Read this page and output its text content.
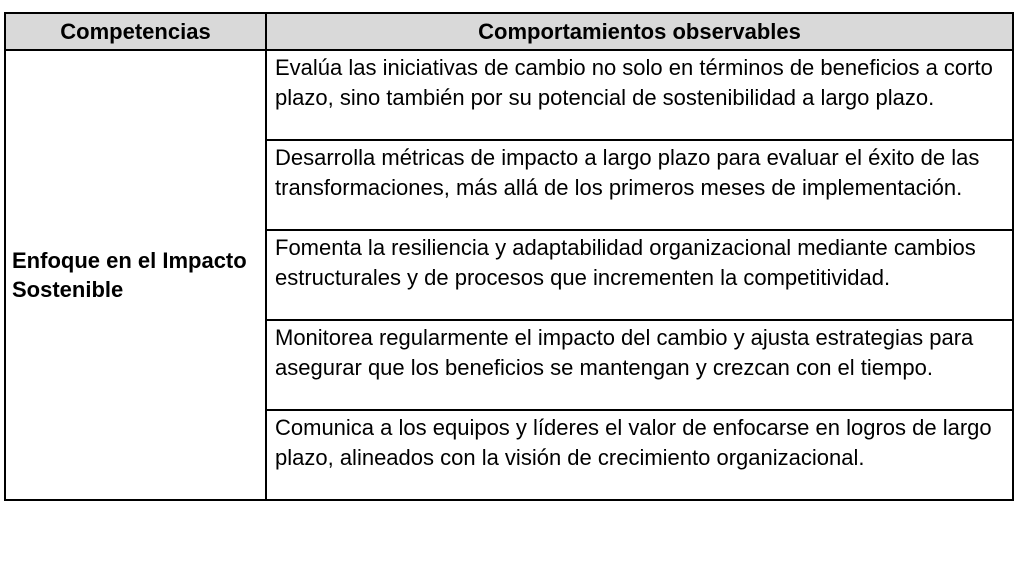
Competencias	Comportamientos observables
Enfoque en el Impacto Sostenible	Evalúa las iniciativas de cambio no solo en términos de beneficios a corto plazo, sino también por su potencial de sostenibilidad a largo plazo.
	Desarrolla métricas de impacto a largo plazo para evaluar el éxito de las transformaciones, más allá de los primeros meses de implementación.
	Fomenta la resiliencia y adaptabilidad organizacional mediante cambios estructurales y de procesos que incrementen la competitividad.
	Monitorea regularmente el impacto del cambio y ajusta estrategias para asegurar que los beneficios se mantengan y crezcan con el tiempo.
	Comunica a los equipos y líderes el valor de enfocarse en logros de largo plazo, alineados con la visión de crecimiento organizacional.
